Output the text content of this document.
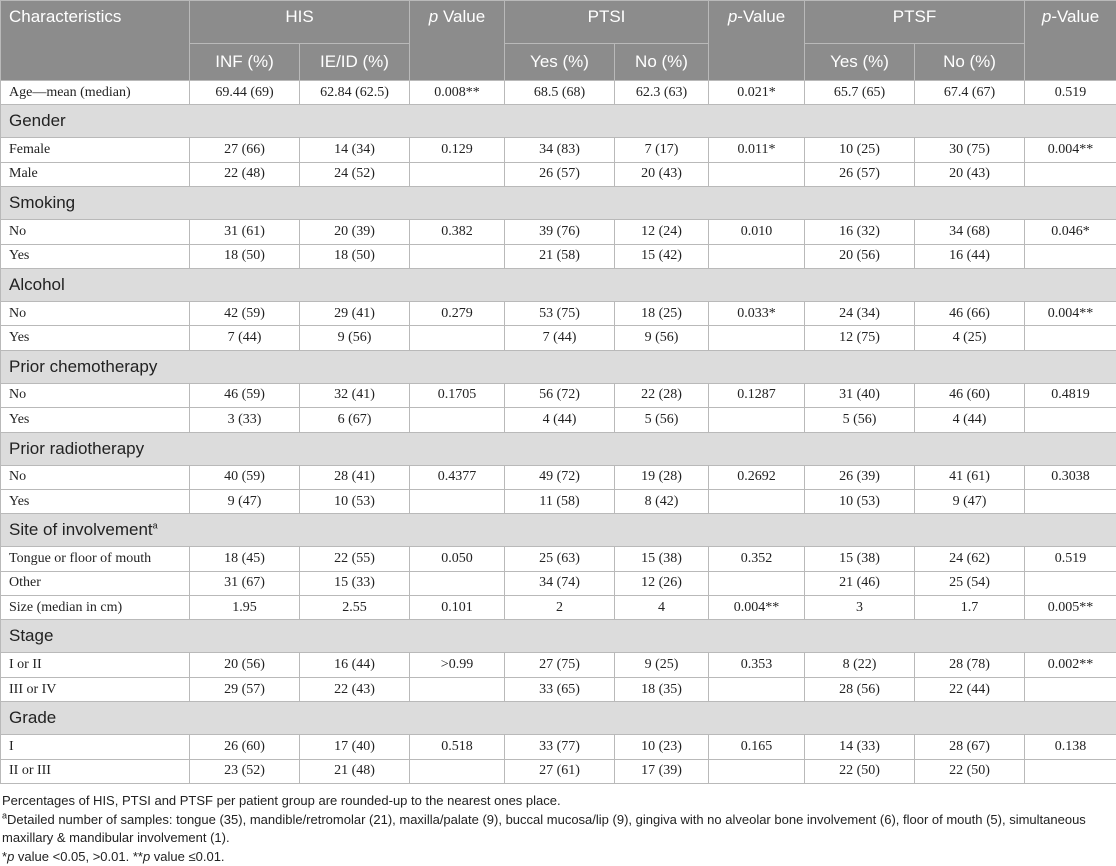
Characteristics	HIS		p Value	PTSI		p-Value	PTSF		p-Value
	INF (%)	IE/ID (%)		Yes (%)	No (%)		Yes (%)	No (%)	
Age—mean (median)	69.44 (69)	62.84 (62.5)	0.008**	68.5 (68)	62.3 (63)	0.021*	65.7 (65)	67.4 (67)	0.519
Gender									
Female	27 (66)	14 (34)	0.129	34 (83)	7 (17)	0.011*	10 (25)	30 (75)	0.004**
Male	22 (48)	24 (52)		26 (57)	20 (43)		26 (57)	20 (43)	
Smoking									
No	31 (61)	20 (39)	0.382	39 (76)	12 (24)	0.010	16 (32)	34 (68)	0.046*
Yes	18 (50)	18 (50)		21 (58)	15 (42)		20 (56)	16 (44)	
Alcohol									
No	42 (59)	29 (41)	0.279	53 (75)	18 (25)	0.033*	24 (34)	46 (66)	0.004**
Yes	7 (44)	9 (56)		7 (44)	9 (56)		12 (75)	4 (25)	
Prior chemotherapy									
No	46 (59)	32 (41)	0.1705	56 (72)	22 (28)	0.1287	31 (40)	46 (60)	0.4819
Yes	3 (33)	6 (67)		4 (44)	5 (56)		5 (56)	4 (44)	
Prior radiotherapy									
No	40 (59)	28 (41)	0.4377	49 (72)	19 (28)	0.2692	26 (39)	41 (61)	0.3038
Yes	9 (47)	10 (53)		11 (58)	8 (42)		10 (53)	9 (47)	
Site of involvement$^a$
Tongue or floor of mouth	18 (45)	22 (55)	0.050	25 (63)	15 (38)	0.352	15 (38)	24 (62)	0.519
Other	31 (67)	15 (33)		34 (74)	12 (26)		21 (46)	25 (54)	
Size (median in cm)	1.95	2.55	0.101	2	4	0.004**	3	1.7	0.005**
Stage									
I or II	20 (56)	16 (44)	>0.99	27 (75)	9 (25)	0.353	8 (22)	28 (78)	0.002**
III or IV	29 (57)	22 (43)		33 (65)	18 (35)		28 (56)	22 (44)	
Grade									
I	26 (60)	17 (40)	0.518	33 (77)	10 (23)	0.165	14 (33)	28 (67)	0.138
II or III	23 (52)	21 (48)		27 (61)	17 (39)		22 (50)	22 (50)	

Percentages of HIS, PTSI and PTSF per patient group are rounded-up to the nearest ones place.

$^a$Detailed number of samples: tongue (35), mandible/retromolar (21), maxilla/palate (9), buccal mucosa/lip (9), gingiva with no alveolar bone involvement (6), floor of mouth (5), simultaneous maxillary & mandibular involvement (1).

*p value <0.05, >0.01. **p value ≤0.01.
